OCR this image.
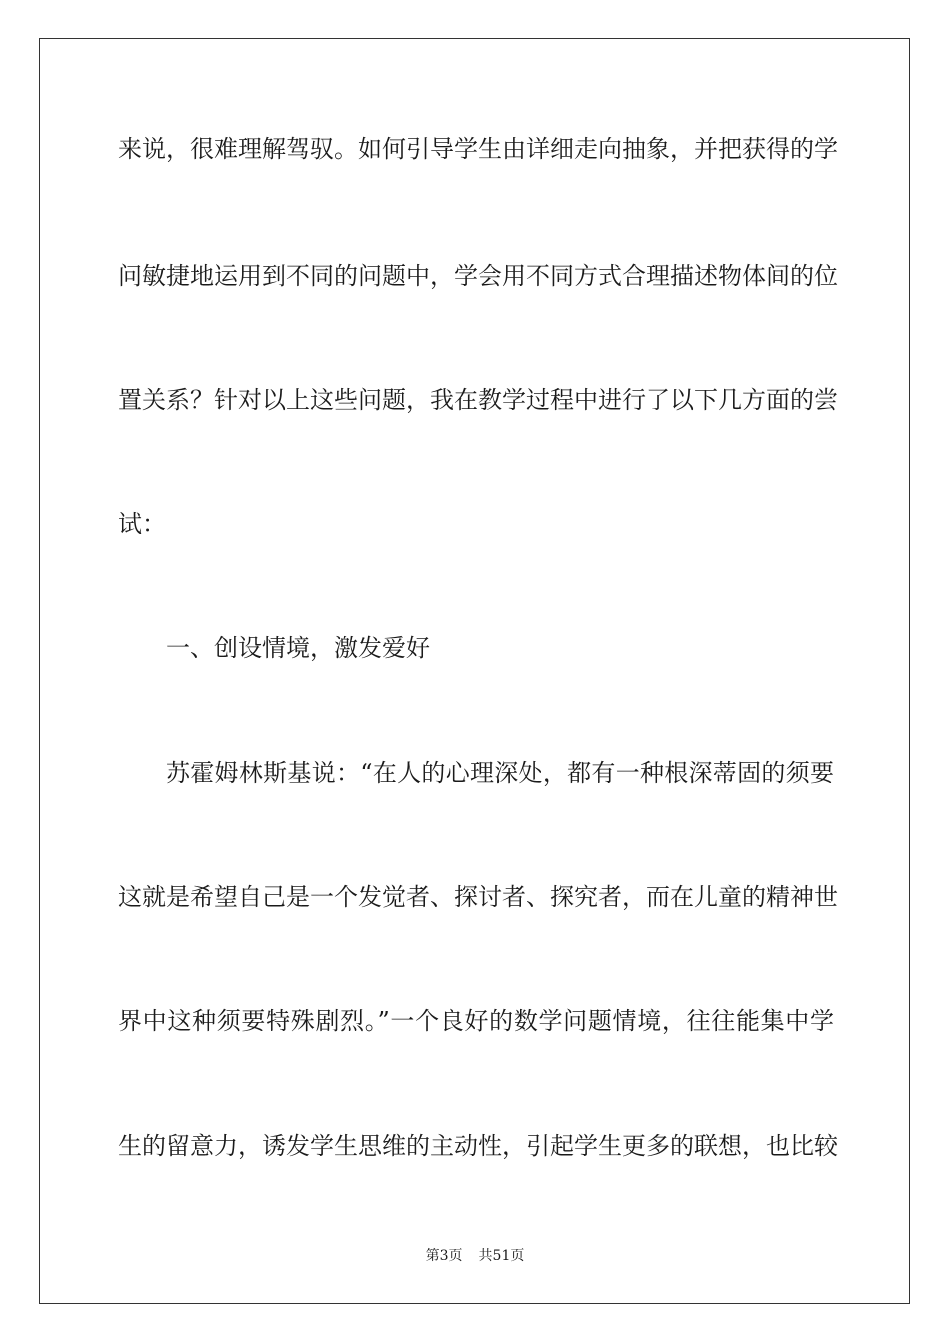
来说，很难理解驾驭。如何引导学生由详细走向抽象，并把获得的学
问敏捷地运用到不同的问题中，学会用不同方式合理描述物体间的位
置关系？针对以上这些问题，我在教学过程中进行了以下几方面的尝
试：
一、创设情境，激发爱好
苏霍姆林斯基说：“在人的心理深处，都有一种根深蒂固的须要
这就是希望自己是一个发觉者、探讨者、探究者，而在儿童的精神世
界中这种须要特殊剧烈。”一个良好的数学问题情境，往往能集中学
生的留意力，诱发学生思维的主动性，引起学生更多的联想，也比较
第3页 共51页
